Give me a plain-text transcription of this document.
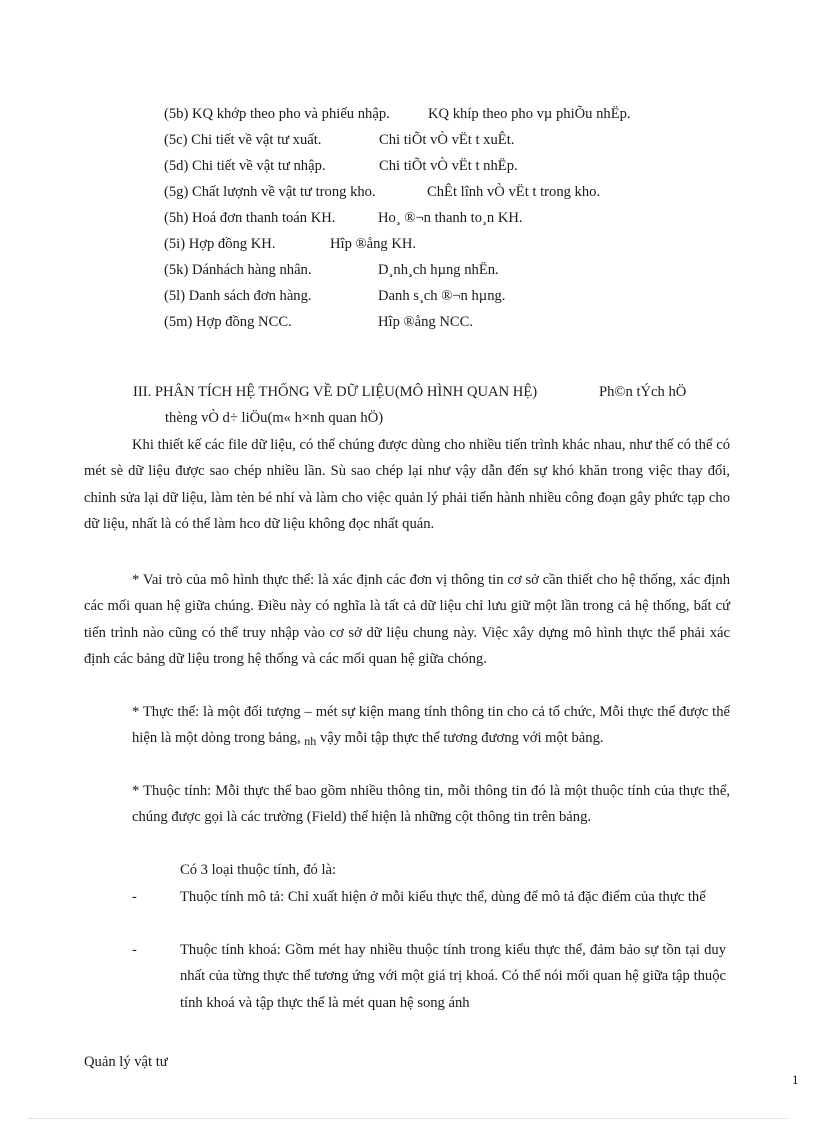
(5b) KQ khớp theo pho và phiếu nhập.	KQ khíp theo pho vµ phiÕu nhËp.
(5c) Chi tiết về vật tư xuất.	Chi tiÕt vÒ vËt t xuÊt.
(5d) Chi tiết về vật tư nhập.	Chi tiÕt vÒ vËt t nhËp.
(5g) Chất lượnh về vật tư trong kho.	ChÊt lînh vÒ vËt t trong kho.
(5h) Hoá đơn thanh toán KH.	Ho¸ ®¬n thanh to¸n KH.
(5i) Hợp đồng KH.	Hîp ®ång KH.
(5k) Dánhách hàng nhân.	D¸nh¸ch hµng nhËn.
(5l) Danh sách đơn hàng.	Danh s¸ch ®¬n hµng.
(5m) Hợp đồng NCC.	Hîp ®ång NCC.
III. PHÂN TÍCH HỆ THỐNG VỀ DỮ LIỆU(MÔ HÌNH QUAN HỆ)	Ph©n tÝch hÖ
thèng vÒ d÷ liÖu(m« h×nh quan hÖ)
Khi thiết kế các file dữ liệu, có thể chúng được dùng cho nhiều tiến trình khác nhau, như thế có thể có mét sè dữ liệu được sao chép nhiều lần. Sù sao chép lại như vậy dẫn đến sự khó khăn trong việc thay đổi, chỉnh sửa lại dữ liệu, làm tèn bé nhí và làm cho việc quản lý phải tiến hành nhiều công đoạn gây phức tạp cho dữ liệu, nhất là có thể làm hco dữ liệu không đọc nhất quán.
* Vai trò của mô hình thực thể: là xác định các đơn vị thông tin cơ sở cần thiết cho hệ thống, xác định các mối quan hệ giữa chúng. Điều này có nghĩa là tất cả dữ liệu chỉ lưu giữ một lần trong cả hệ thống, bất cứ tiến trình nào cũng có thể truy nhập vào cơ sở dữ liệu chung này. Việc xây dựng mô hình thực thể phải xác định các bảng dữ liệu trong hệ thống và các mối quan hệ giữa chóng.
* Thực thể: là một đối tượng – mét sự kiện mang tính thông tin cho cả tổ chức, Mỗi thực thể được thể hiện là một dòng trong bảng, $_{nh}$ vậy mỗi tập thực thể tương đương với một bảng.
* Thuộc tính: Mỗi thực thể bao gồm nhiều thông tin, mỗi thông tin đó là một thuộc tính của thực thể, chúng được gọi là các trường (Field) thể hiện là những cột thông tin trên bảng.
Có 3 loại thuộc tính, đó là:
-	Thuộc tính mô tả: Chỉ xuất hiện ở mỗi kiểu thực thể, dùng để mô tả đặc điểm của thực thể
-	Thuộc tính khoá: Gồm mét hay nhiều thuộc tính trong kiểu thực thể, đảm bảo sự tồn tại duy nhất của từng thực thể tương ứng với một giá trị khoá. Có thể nói mối quan hệ giữa tập thuộc tính khoá và tập thực thể là mét quan hệ song ánh
Quản lý vật tư
1
